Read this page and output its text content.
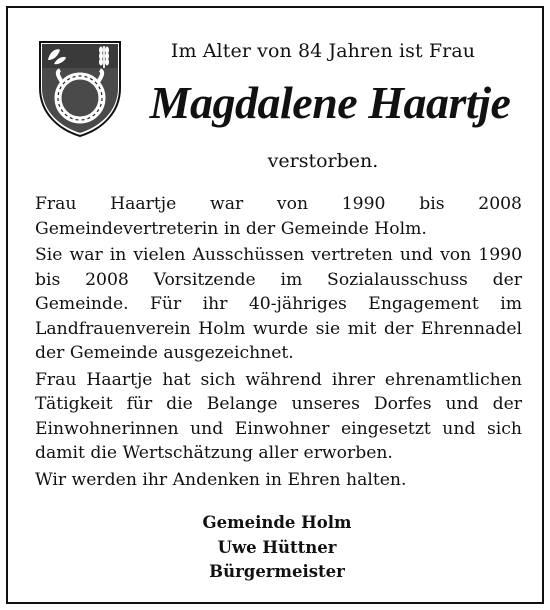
Im Alter von 84 Jahren ist Frau
Magdalene Haartje
verstorben.

Frau Haartje war von 1990 bis 2008 Gemeindevertreterin in der Gemeinde Holm.

Sie war in vielen Ausschüssen vertreten und von 1990 bis 2008 Vorsitzende im Sozialausschuss der Gemeinde. Für ihr 40-jähriges Engagement im Landfrauenverein Holm wurde sie mit der Ehrennadel der Gemeinde ausgezeichnet.

Frau Haartje hat sich während ihrer ehrenamtlichen Tätigkeit für die Belange unseres Dorfes und der Einwohnerinnen und Einwohner eingesetzt und sich damit die Wertschätzung aller erworben.

Wir werden ihr Andenken in Ehren halten.

Gemeinde Holm
Uwe Hüttner
Bürgermeister
